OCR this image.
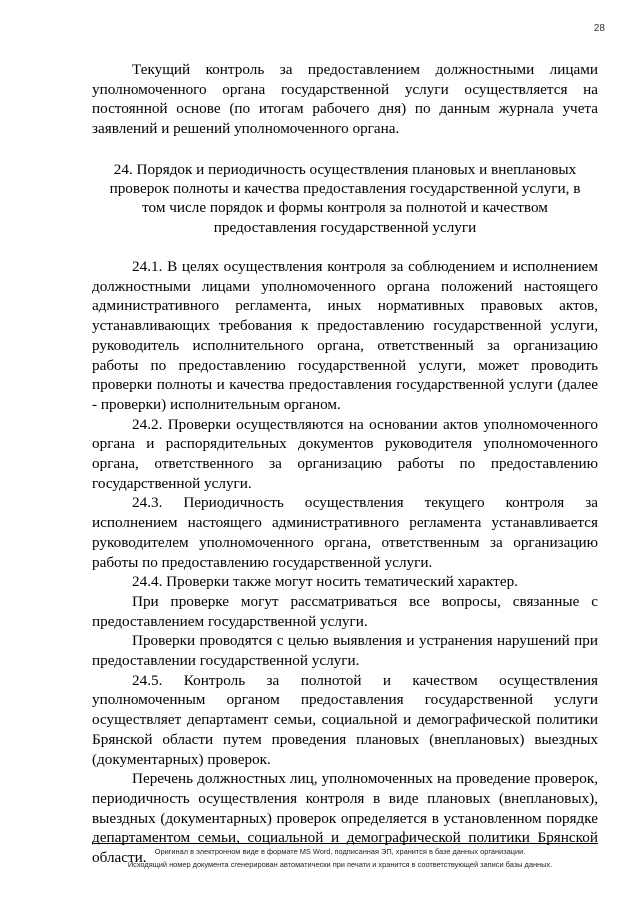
28

Текущий контроль за предоставлением должностными лицами уполномоченного органа государственной услуги осуществляется на постоянной основе (по итогам рабочего дня) по данным журнала учета заявлений и решений уполномоченного органа.

24. Порядок и периодичность осуществления плановых и внеплановых проверок полноты и качества предоставления государственной услуги, в том числе порядок и формы контроля за полнотой и качеством предоставления государственной услуги

24.1. В целях осуществления контроля за соблюдением и исполнением должностными лицами уполномоченного органа положений настоящего административного регламента, иных нормативных правовых актов, устанавливающих требования к предоставлению государственной услуги, руководитель исполнительного органа, ответственный за организацию работы по предоставлению государственной услуги, может проводить проверки полноты и качества предоставления государственной услуги (далее - проверки) исполнительным органом.

24.2. Проверки осуществляются на основании актов уполномоченного органа и распорядительных документов руководителя уполномоченного органа, ответственного за организацию работы по предоставлению государственной услуги.

24.3. Периодичность осуществления текущего контроля за исполнением настоящего административного регламента устанавливается руководителем уполномоченного органа, ответственным за организацию работы по предоставлению государственной услуги.

24.4. Проверки также могут носить тематический характер.

При проверке могут рассматриваться все вопросы, связанные с предоставлением государственной услуги.

Проверки проводятся с целью выявления и устранения нарушений при предоставлении государственной услуги.

24.5. Контроль за полнотой и качеством осуществления уполномоченным органом предоставления государственной услуги осуществляет департамент семьи, социальной и демографической политики Брянской области путем проведения плановых (внеплановых) выездных (документарных) проверок.

Перечень должностных лиц, уполномоченных на проведение проверок, периодичность осуществления контроля в виде плановых (внеплановых), выездных (документарных) проверок определяется в установленном порядке департаментом семьи, социальной и демографической политики Брянской области.	Оригинал в электронном виде в формате MS Word, подписанная ЭП, хранится в базе данных организации.
Исходящий номер документа сгенерирован автоматически при печати и хранится в соответствующей записи базы данных.
